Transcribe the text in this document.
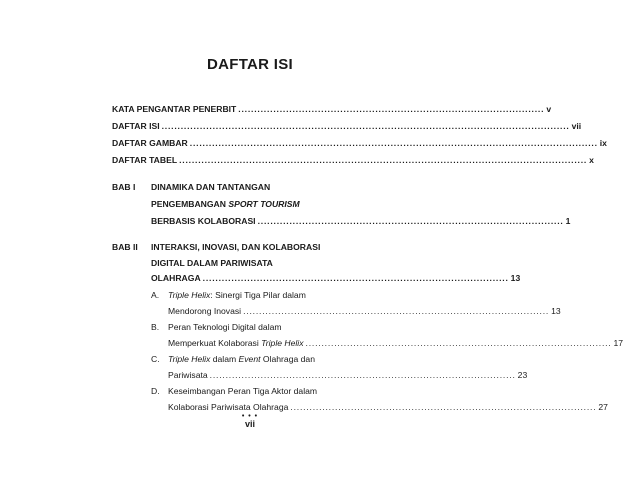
DAFTAR ISI
KATA PENGANTAR PENERBIT ................................................................................................ v
DAFTAR ISI ................................................................................................................................ vii
DAFTAR GAMBAR ................................................................................................................................ ix
DAFTAR TABEL ................................................................................................................................ x
BAB I DINAMIKA DAN TANTANGAN
PENGEMBANGAN SPORT TOURISM
BERBASIS KOLABORASI ................................................................................................ 1
BAB II INTERAKSI, INOVASI, DAN KOLABORASI
DIGITAL DALAM PARIWISATA
OLAHRAGA ................................................................................................ 13
A. Triple Helix: Sinergi Tiga Pilar dalam
Mendorong Inovasi ................................................................................................ 13
B. Peran Teknologi Digital dalam
Memperkuat Kolaborasi Triple Helix ................................................................................................ 17
C. Triple Helix dalam Event Olahraga dan
Pariwisata ................................................................................................ 23
D. Keseimbangan Peran Tiga Aktor dalam
Kolaborasi Pariwisata Olahraga ................................................................................................ 27
• • •
vii
